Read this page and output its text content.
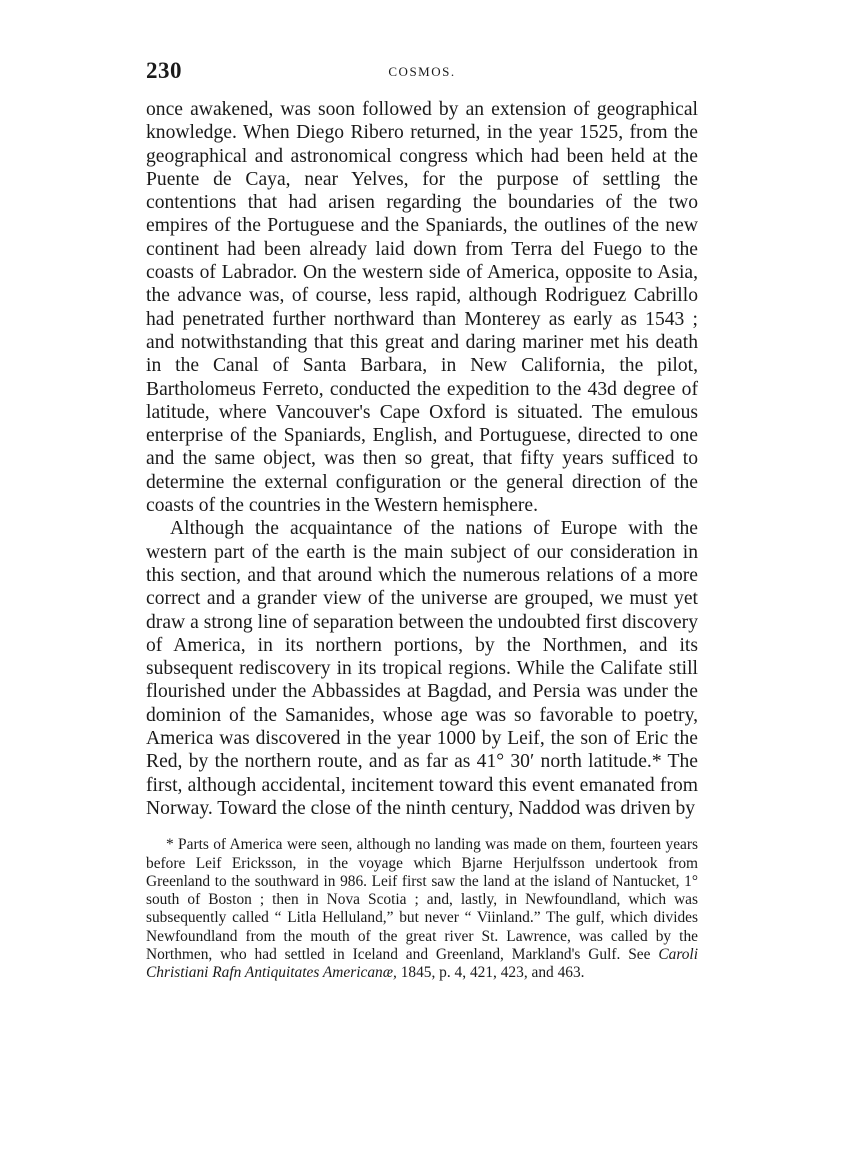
230	COSMOS.

once awakened, was soon followed by an extension of geographical knowledge. When Diego Ribero returned, in the year 1525, from the geographical and astronomical congress which had been held at the Puente de Caya, near Yelves, for the purpose of settling the contentions that had arisen regarding the boundaries of the two empires of the Portuguese and the Spaniards, the outlines of the new continent had been already laid down from Terra del Fuego to the coasts of Labrador. On the western side of America, opposite to Asia, the advance was, of course, less rapid, although Rodriguez Cabrillo had penetrated further northward than Monterey as early as 1543 ; and notwithstanding that this great and daring mariner met his death in the Canal of Santa Barbara, in New California, the pilot, Bartholomeus Ferreto, conducted the expedition to the 43d degree of latitude, where Vancouver's Cape Oxford is situated. The emulous enterprise of the Spaniards, English, and Portuguese, directed to one and the same object, was then so great, that fifty years sufficed to determine the external configuration or the general direction of the coasts of the countries in the Western hemisphere.

Although the acquaintance of the nations of Europe with the western part of the earth is the main subject of our consideration in this section, and that around which the numerous relations of a more correct and a grander view of the universe are grouped, we must yet draw a strong line of separation between the undoubted first discovery of America, in its northern portions, by the Northmen, and its subsequent rediscovery in its tropical regions. While the Califate still flourished under the Abbassides at Bagdad, and Persia was under the dominion of the Samanides, whose age was so favorable to poetry, America was discovered in the year 1000 by Leif, the son of Eric the Red, by the northern route, and as far as 41° 30′ north latitude.* The first, although accidental, incitement toward this event emanated from Norway. Toward the close of the ninth century, Naddod was driven by

* Parts of America were seen, although no landing was made on them, fourteen years before Leif Ericksson, in the voyage which Bjarne Herjulfsson undertook from Greenland to the southward in 986. Leif first saw the land at the island of Nantucket, 1° south of Boston ; then in Nova Scotia ; and, lastly, in Newfoundland, which was subsequently called “ Litla Helluland,” but never “ Viinland.” The gulf, which divides Newfoundland from the mouth of the great river St. Lawrence, was called by the Northmen, who had settled in Iceland and Greenland, Markland's Gulf. See Caroli Christiani Rafn Antiquitates Americanæ, 1845, p. 4, 421, 423, and 463.
